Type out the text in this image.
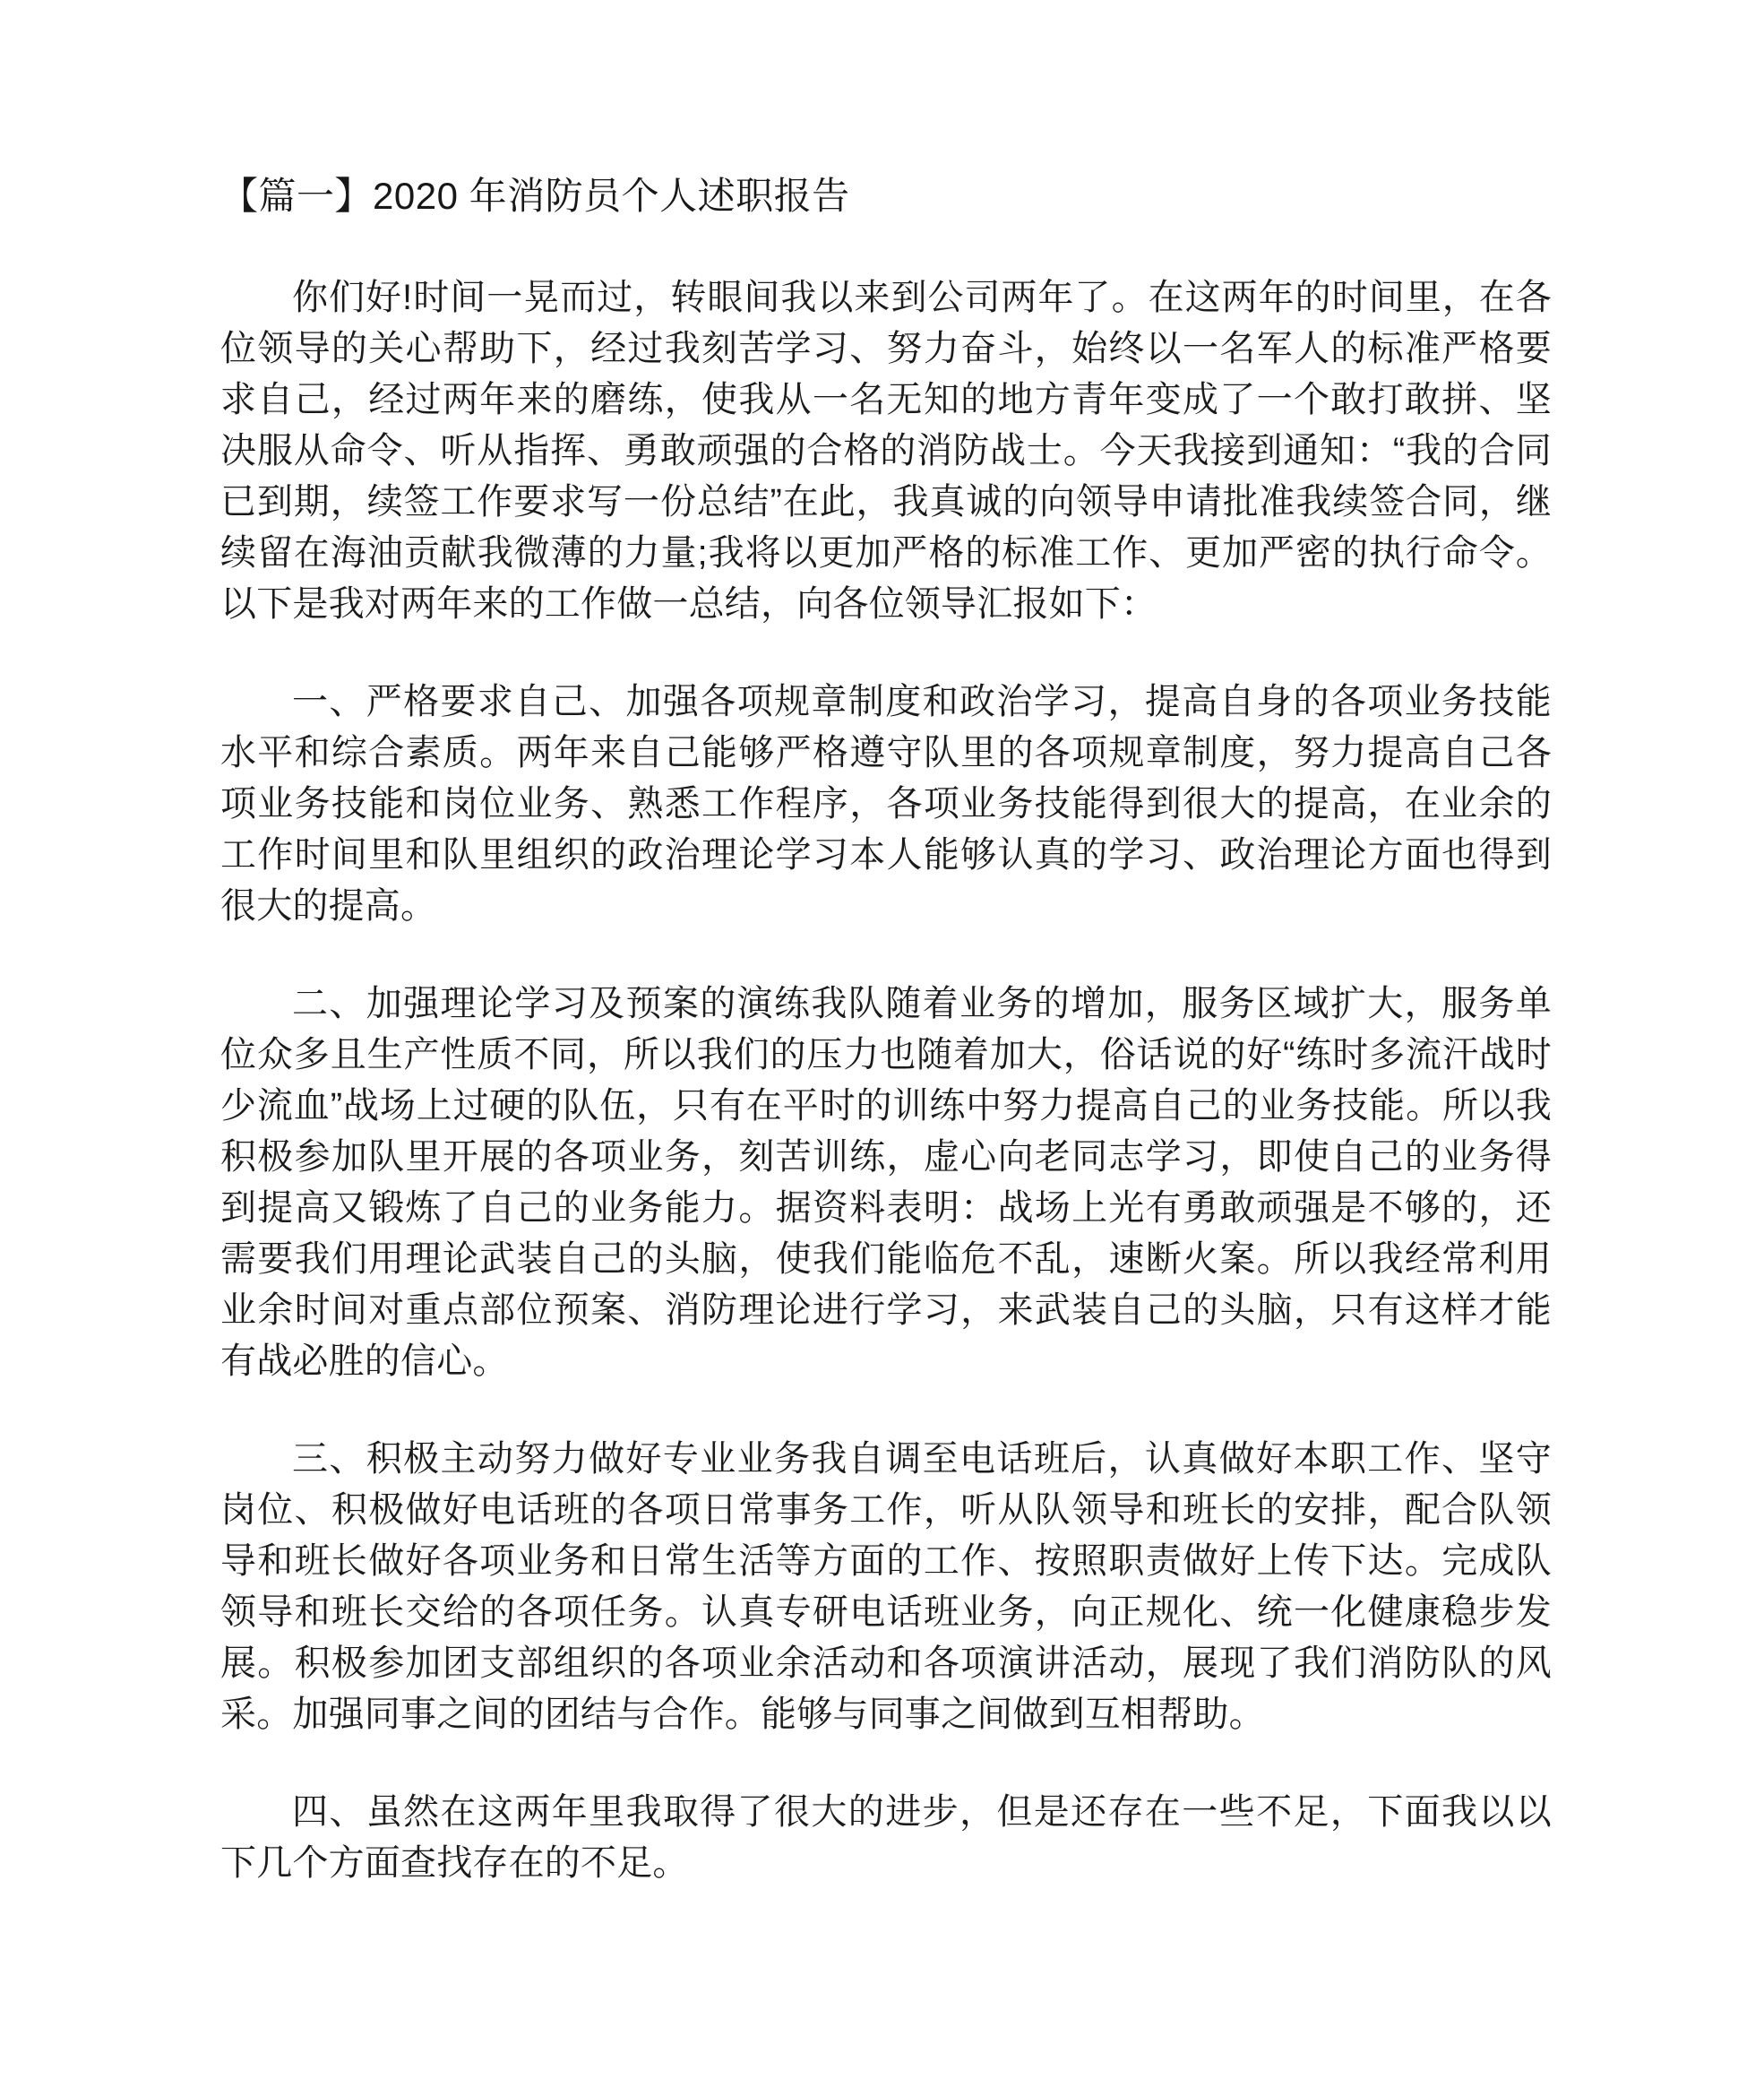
【篇一】2020 年消防员个人述职报告

你们好!时间一晃而过，转眼间我以来到公司两年了。在这两年的时间里，在各位领导的关心帮助下，经过我刻苦学习、努力奋斗，始终以一名军人的标准严格要求自己，经过两年来的磨练，使我从一名无知的地方青年变成了一个敢打敢拼、坚决服从命令、听从指挥、勇敢顽强的合格的消防战士。今天我接到通知：“我的合同已到期，续签工作要求写一份总结”在此，我真诚的向领导申请批准我续签合同，继续留在海油贡献我微薄的力量;我将以更加严格的标准工作、更加严密的执行命令。以下是我对两年来的工作做一总结，向各位领导汇报如下：

一、严格要求自己、加强各项规章制度和政治学习，提高自身的各项业务技能水平和综合素质。两年来自己能够严格遵守队里的各项规章制度，努力提高自己各项业务技能和岗位业务、熟悉工作程序，各项业务技能得到很大的提高，在业余的工作时间里和队里组织的政治理论学习本人能够认真的学习、政治理论方面也得到很大的提高。

二、加强理论学习及预案的演练我队随着业务的增加，服务区域扩大，服务单位众多且生产性质不同，所以我们的压力也随着加大，俗话说的好“练时多流汗战时少流血”战场上过硬的队伍，只有在平时的训练中努力提高自己的业务技能。所以我积极参加队里开展的各项业务，刻苦训练，虚心向老同志学习，即使自己的业务得到提高又锻炼了自己的业务能力。据资料表明：战场上光有勇敢顽强是不够的，还需要我们用理论武装自己的头脑，使我们能临危不乱，速断火案。所以我经常利用业余时间对重点部位预案、消防理论进行学习，来武装自己的头脑，只有这样才能有战必胜的信心。

三、积极主动努力做好专业业务我自调至电话班后，认真做好本职工作、坚守岗位、积极做好电话班的各项日常事务工作，听从队领导和班长的安排，配合队领导和班长做好各项业务和日常生活等方面的工作、按照职责做好上传下达。完成队领导和班长交给的各项任务。认真专研电话班业务，向正规化、统一化健康稳步发展。积极参加团支部组织的各项业余活动和各项演讲活动，展现了我们消防队的风采。加强同事之间的团结与合作。能够与同事之间做到互相帮助。

四、虽然在这两年里我取得了很大的进步，但是还存在一些不足，下面我以以下几个方面查找存在的不足。
